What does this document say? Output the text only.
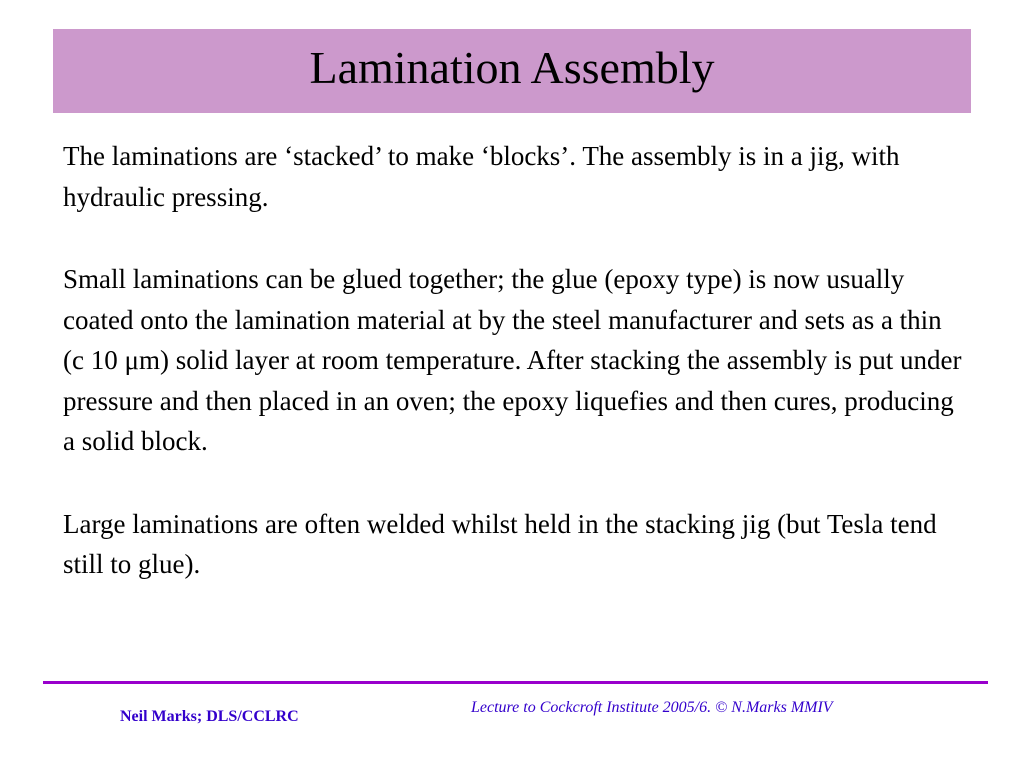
Lamination Assembly

The laminations are ‘stacked’ to make ‘blocks’. The assembly is in a jig, with hydraulic pressing.

Small laminations can be glued together; the glue (epoxy type) is now usually coated onto the lamination material at by the steel manufacturer and sets as a thin (c 10 μm) solid layer at room temperature. After stacking the assembly is put under pressure and then placed in an oven; the epoxy liquefies and then cures, producing a solid block.

Large laminations are often welded whilst held in the stacking jig (but Tesla tend still to glue).

Neil Marks; DLS/CCLRC
Lecture to Cockcroft Institute 2005/6. © N.Marks MMIV
